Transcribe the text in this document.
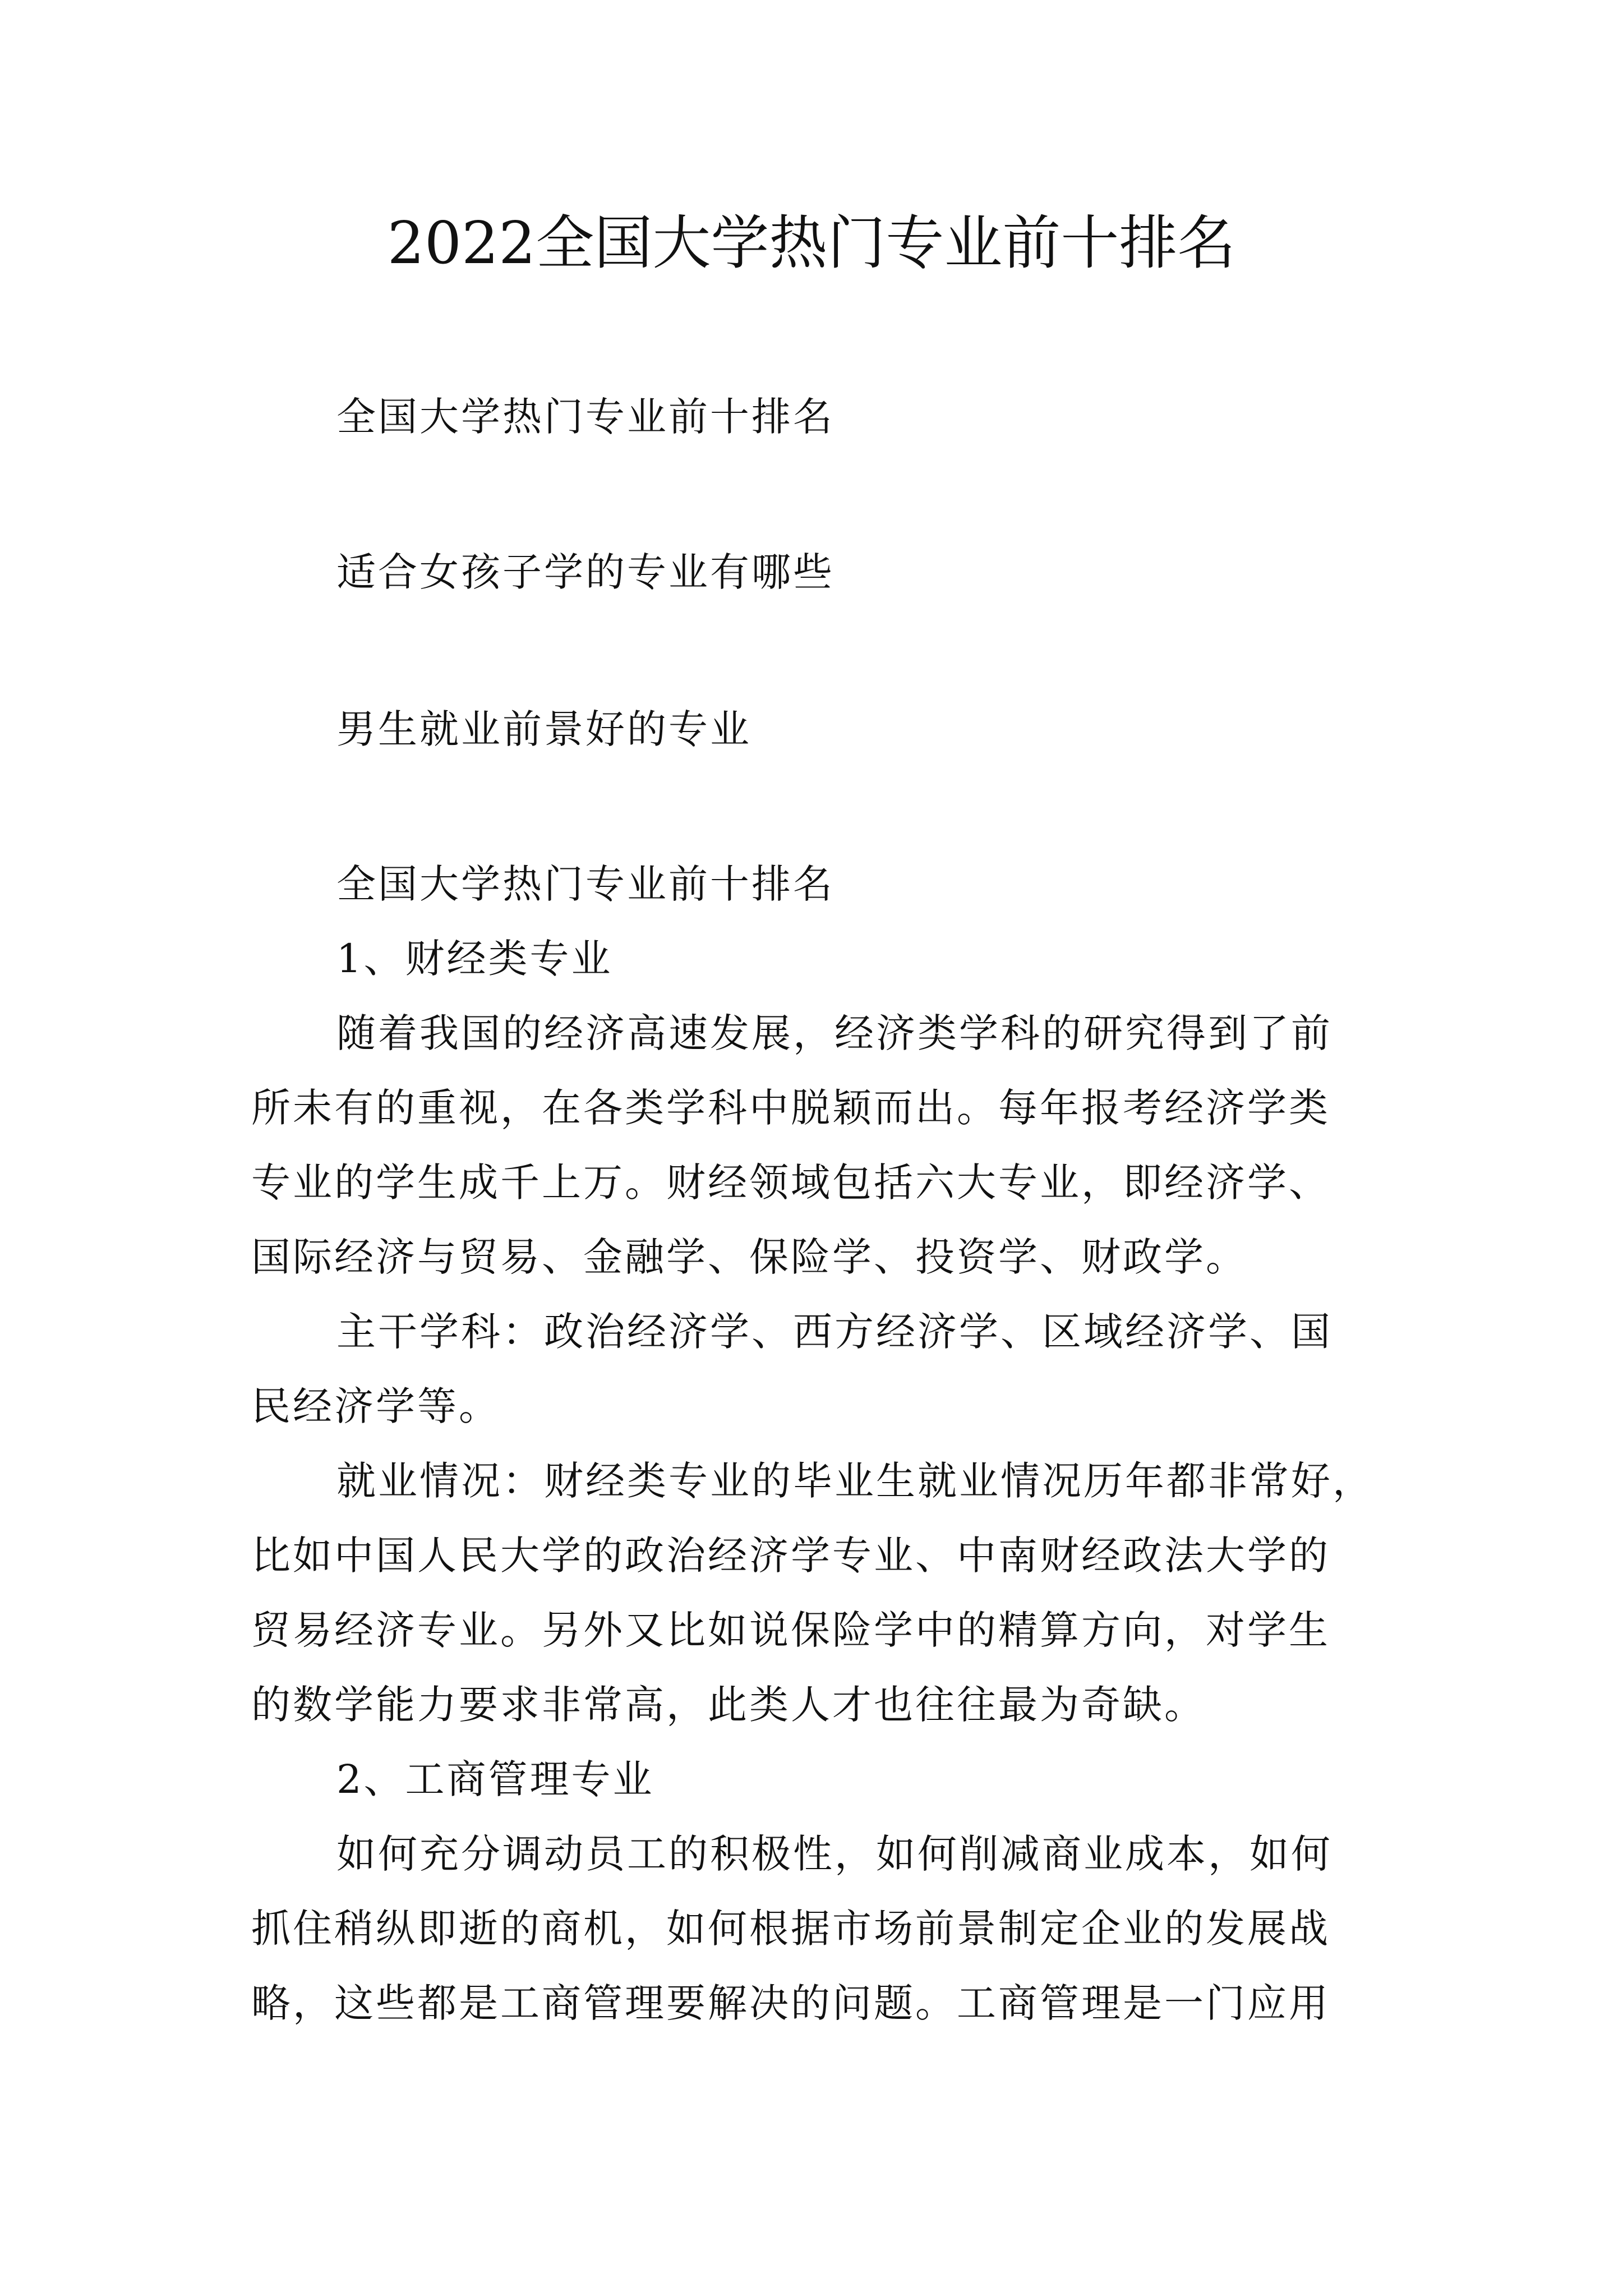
2022全国大学热门专业前十排名
全国大学热门专业前十排名
适合女孩子学的专业有哪些
男生就业前景好的专业
全国大学热门专业前十排名
1、财经类专业
随着我国的经济高速发展，经济类学科的研究得到了前
所未有的重视，在各类学科中脱颖而出。每年报考经济学类
专业的学生成千上万。财经领域包括六大专业，即经济学、
国际经济与贸易、金融学、保险学、投资学、财政学。
主干学科：政治经济学、西方经济学、区域经济学、国
民经济学等。
就业情况：财经类专业的毕业生就业情况历年都非常好，
比如中国人民大学的政治经济学专业、中南财经政法大学的
贸易经济专业。另外又比如说保险学中的精算方向，对学生
的数学能力要求非常高，此类人才也往往最为奇缺。
2、工商管理专业
如何充分调动员工的积极性，如何削减商业成本，如何
抓住稍纵即逝的商机，如何根据市场前景制定企业的发展战
略，这些都是工商管理要解决的问题。工商管理是一门应用
